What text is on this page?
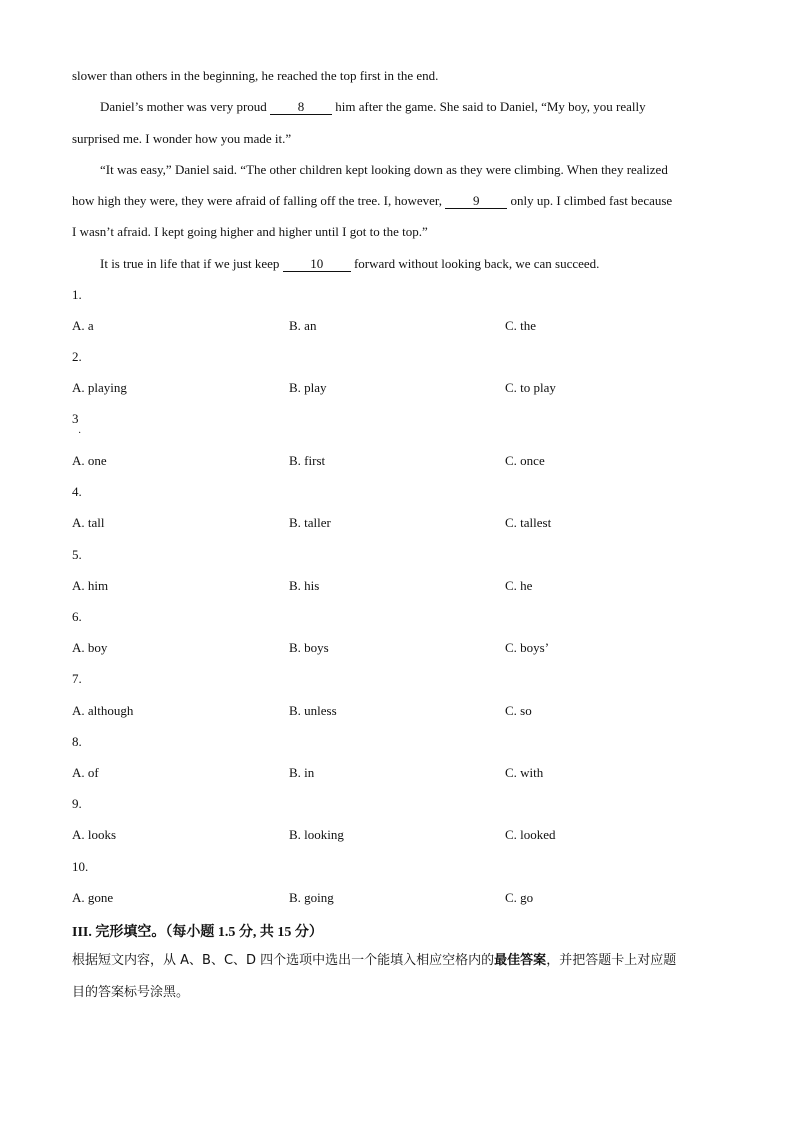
slower than others in the beginning, he reached the top first in the end.
Daniel’s mother was very proud 8 him after the game. She said to Daniel, “My boy, you really
surprised me. I wonder how you made it.”
“It was easy,” Daniel said. “The other children kept looking down as they were climbing. When they realized
how high they were, they were afraid of falling off the tree. I, however, 9 only up. I climbed fast because
I wasn’t afraid. I kept going higher and higher until I got to the top.”
It is true in life that if we just keep 10 forward without looking back, we can succeed.
1.
A. a	B. an	C. the
2.
A. playing	B. play	C. to play
3
·
A. one	B. first	C. once
4.
A. tall	B. taller	C. tallest
5.
A. him	B. his	C. he
6.
A. boy	B. boys	C. boys’
7.
A. although	B. unless	C. so
8.
A. of	B. in	C. with
9.
A. looks	B. looking	C. looked
10.
A. gone	B. going	C. go
III. 完形填空。（每小题 1.5 分, 共 15 分）
根据短文内容，从 A、B、C、D 四个选项中选出一个能填入相应空格内的最佳答案，并把答题卡上对应题
目的答案标号涂黑。
